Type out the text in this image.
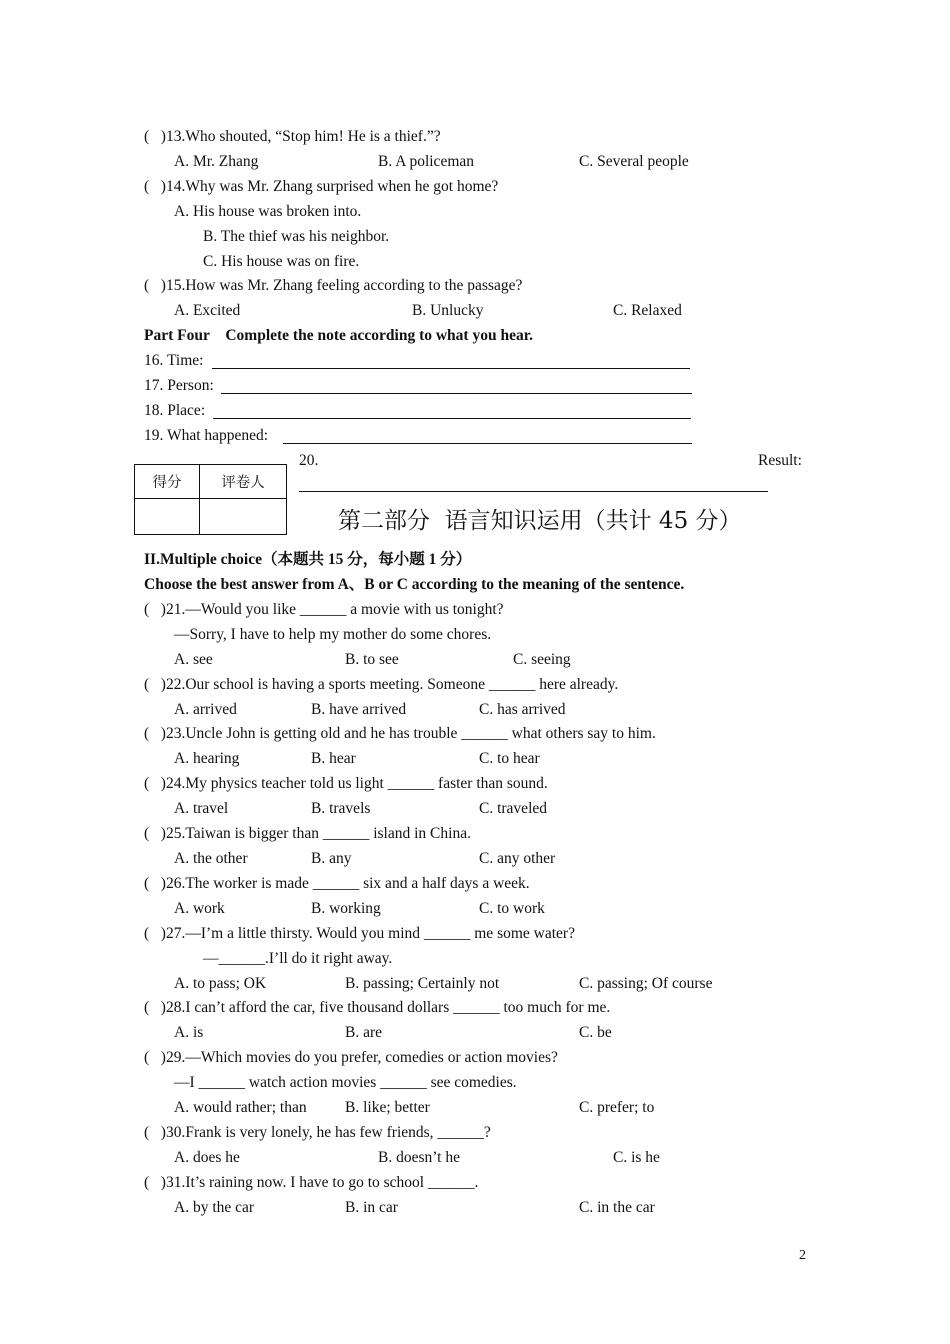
(   )13.Who shouted, “Stop him! He is a thief.”?
A. Mr. Zhang	B. A policeman	C. Several people
(   )14.Why was Mr. Zhang surprised when he got home?
A. His house was broken into.
B. The thief was his neighbor.
C. His house was on fire.
(   )15.How was Mr. Zhang feeling according to the passage?
A. Excited	B. Unlucky	C. Relaxed
Part Four    Complete the note according to what you hear.
16. Time:
17. Person:
18. Place:
19. What happened:
20.	Result:
得分	评卷人

第二部分  语言知识运用（共计 45 分）
II.Multiple choice（本题共 15 分，每小题 1 分）
Choose the best answer from A、B or C according to the meaning of the sentence.
(   )21.—Would you like ______ a movie with us tonight?
—Sorry, I have to help my mother do some chores.
A. see	B. to see	C. seeing
(   )22.Our school is having a sports meeting. Someone ______ here already.
A. arrived	B. have arrived	C. has arrived
(   )23.Uncle John is getting old and he has trouble ______ what others say to him.
A. hearing	B. hear	C. to hear
(   )24.My physics teacher told us light ______ faster than sound.
A. travel	B. travels	C. traveled
(   )25.Taiwan is bigger than ______ island in China.
A. the other	B. any	C. any other
(   )26.The worker is made ______ six and a half days a week.
A. work	B. working	C. to work
(   )27.—I’m a little thirsty. Would you mind ______ me some water?
—______.I’ll do it right away.
A. to pass; OK	B. passing; Certainly not	C. passing; Of course
(   )28.I can’t afford the car, five thousand dollars ______ too much for me.
A. is	B. are	C. be
(   )29.—Which movies do you prefer, comedies or action movies?
—I ______ watch action movies ______ see comedies.
A. would rather; than B. like; better	C. prefer; to
(   )30.Frank is very lonely, he has few friends, ______?
A. does he	B. doesn’t he	C. is he
(   )31.It’s raining now. I have to go to school ______.
A. by the car	B. in car	C. in the car
2
